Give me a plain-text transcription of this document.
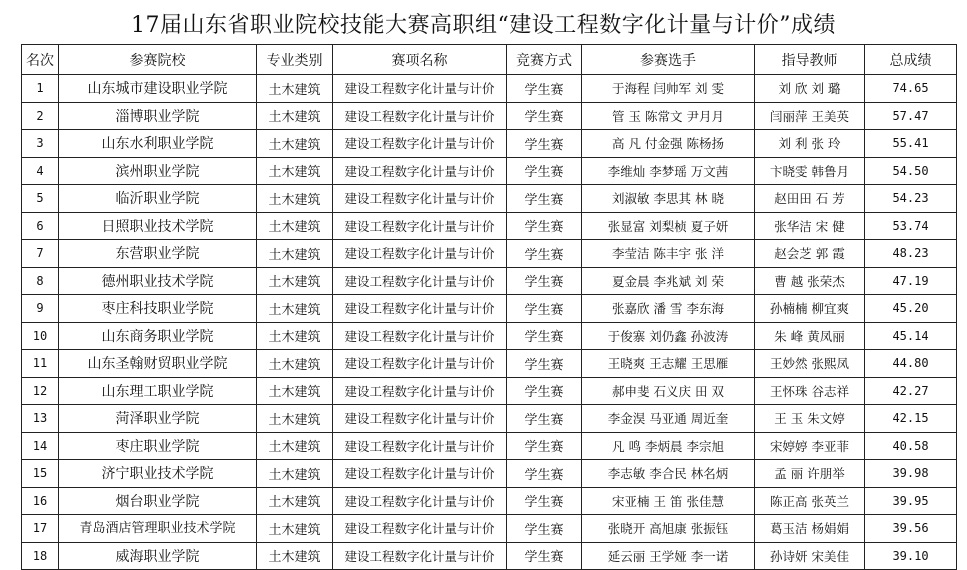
17届山东省职业院校技能大赛高职组“建设工程数字化计量与计价”成绩
名次	参赛院校	专业类别	赛项名称	竞赛方式	参赛选手	指导教师	总成绩
1	山东城市建设职业学院	土木建筑	建设工程数字化计量与计价	学生赛	于海程 闫帅军 刘 雯	刘 欣 刘 璐	74.65
2	淄博职业学院	土木建筑	建设工程数字化计量与计价	学生赛	管 玉 陈常文 尹月月	闫丽萍 王美英	57.47
3	山东水利职业学院	土木建筑	建设工程数字化计量与计价	学生赛	高 凡 付金强 陈杨扬	刘 利 张 玲	55.41
4	滨州职业学院	土木建筑	建设工程数字化计量与计价	学生赛	李维灿 李梦瑶 万文茜	卞晓雯 韩鲁月	54.50
5	临沂职业学院	土木建筑	建设工程数字化计量与计价	学生赛	刘淑敏 李思其 林 晓	赵田田 石 芳	54.23
6	日照职业技术学院	土木建筑	建设工程数字化计量与计价	学生赛	张显富 刘梨桢 夏子妍	张华洁 宋 健	53.74
7	东营职业学院	土木建筑	建设工程数字化计量与计价	学生赛	李莹洁 陈丰宇 张 洋	赵会芝 郭 霞	48.23
8	德州职业技术学院	土木建筑	建设工程数字化计量与计价	学生赛	夏金晨 李兆斌 刘 荣	曹 越 张荣杰	47.19
9	枣庄科技职业学院	土木建筑	建设工程数字化计量与计价	学生赛	张嘉欣 潘 雪 李东海	孙楠楠 柳宜爽	45.20
10	山东商务职业学院	土木建筑	建设工程数字化计量与计价	学生赛	于俊寨 刘仍鑫 孙波涛	朱 峰 黄凤丽	45.14
11	山东圣翰财贸职业学院	土木建筑	建设工程数字化计量与计价	学生赛	王晓爽 王志耀 王思雁	王妙然 张熙凤	44.80
12	山东理工职业学院	土木建筑	建设工程数字化计量与计价	学生赛	郝申斐 石义庆 田 双	王怀珠 谷志祥	42.27
13	菏泽职业学院	土木建筑	建设工程数字化计量与计价	学生赛	李金淏 马亚通 周近奎	王 玉 朱文婷	42.15
14	枣庄职业学院	土木建筑	建设工程数字化计量与计价	学生赛	凡 鸣 李炳晨 李宗旭	宋婷婷 李亚菲	40.58
15	济宁职业技术学院	土木建筑	建设工程数字化计量与计价	学生赛	李志敏 李合民 林名炳	孟 丽 许朋举	39.98
16	烟台职业学院	土木建筑	建设工程数字化计量与计价	学生赛	宋亚楠 王 笛 张佳慧	陈正高 张英兰	39.95
17	青岛酒店管理职业技术学院	土木建筑	建设工程数字化计量与计价	学生赛	张晓开 高旭康 张振钰	葛玉洁 杨娟娟	39.56
18	威海职业学院	土木建筑	建设工程数字化计量与计价	学生赛	延云丽 王学娅 李一诺	孙诗妍 宋美佳	39.10
